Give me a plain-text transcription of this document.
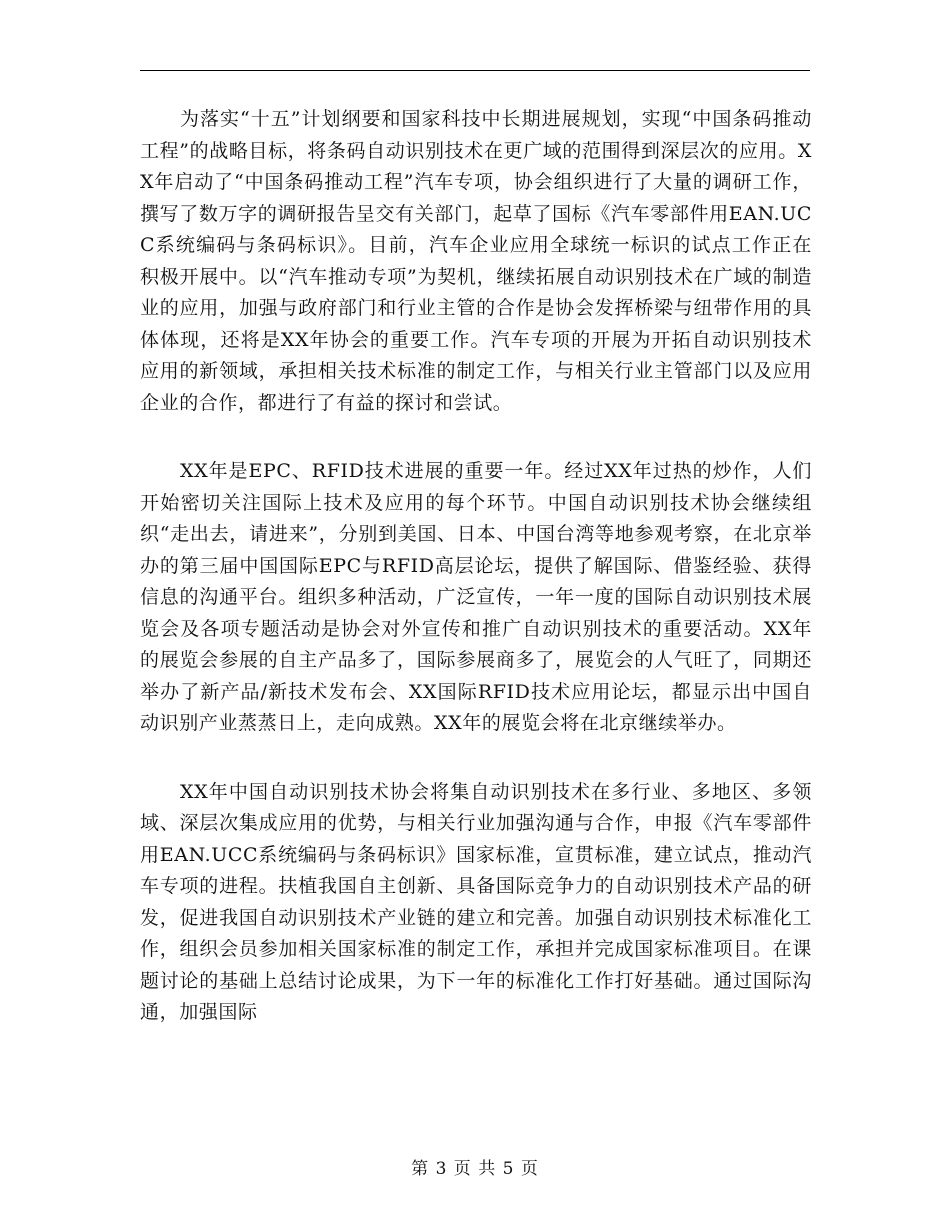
为落实“十五”计划纲要和国家科技中长期进展规划，实现“中国条码推动工程”的战略目标，将条码自动识别技术在更广域的范围得到深层次的应用。XX年启动了“中国条码推动工程”汽车专项，协会组织进行了大量的调研工作，撰写了数万字的调研报告呈交有关部门，起草了国标《汽车零部件用EAN.UCC系统编码与条码标识》。目前，汽车企业应用全球统一标识的试点工作正在积极开展中。以“汽车推动专项”为契机，继续拓展自动识别技术在广域的制造业的应用，加强与政府部门和行业主管的合作是协会发挥桥梁与纽带作用的具体体现，还将是XX年协会的重要工作。汽车专项的开展为开拓自动识别技术应用的新领域，承担相关技术标准的制定工作，与相关行业主管部门以及应用企业的合作，都进行了有益的探讨和尝试。

XX年是EPC、RFID技术进展的重要一年。经过XX年过热的炒作，人们开始密切关注国际上技术及应用的每个环节。中国自动识别技术协会继续组织“走出去，请进来”，分别到美国、日本、中国台湾等地参观考察，在北京举办的第三届中国国际EPC与RFID高层论坛，提供了解国际、借鉴经验、获得信息的沟通平台。组织多种活动，广泛宣传，一年一度的国际自动识别技术展览会及各项专题活动是协会对外宣传和推广自动识别技术的重要活动。XX年的展览会参展的自主产品多了，国际参展商多了，展览会的人气旺了，同期还举办了新产品/新技术发布会、XX国际RFID技术应用论坛，都显示出中国自动识别产业蒸蒸日上，走向成熟。XX年的展览会将在北京继续举办。

XX年中国自动识别技术协会将集自动识别技术在多行业、多地区、多领域、深层次集成应用的优势，与相关行业加强沟通与合作，申报《汽车零部件用EAN.UCC系统编码与条码标识》国家标准，宣贯标准，建立试点，推动汽车专项的进程。扶植我国自主创新、具备国际竞争力的自动识别技术产品的研发，促进我国自动识别技术产业链的建立和完善。加强自动识别技术标准化工作，组织会员参加相关国家标准的制定工作，承担并完成国家标准项目。在课题讨论的基础上总结讨论成果，为下一年的标准化工作打好基础。通过国际沟通，加强国际

第 3 页 共 5 页
